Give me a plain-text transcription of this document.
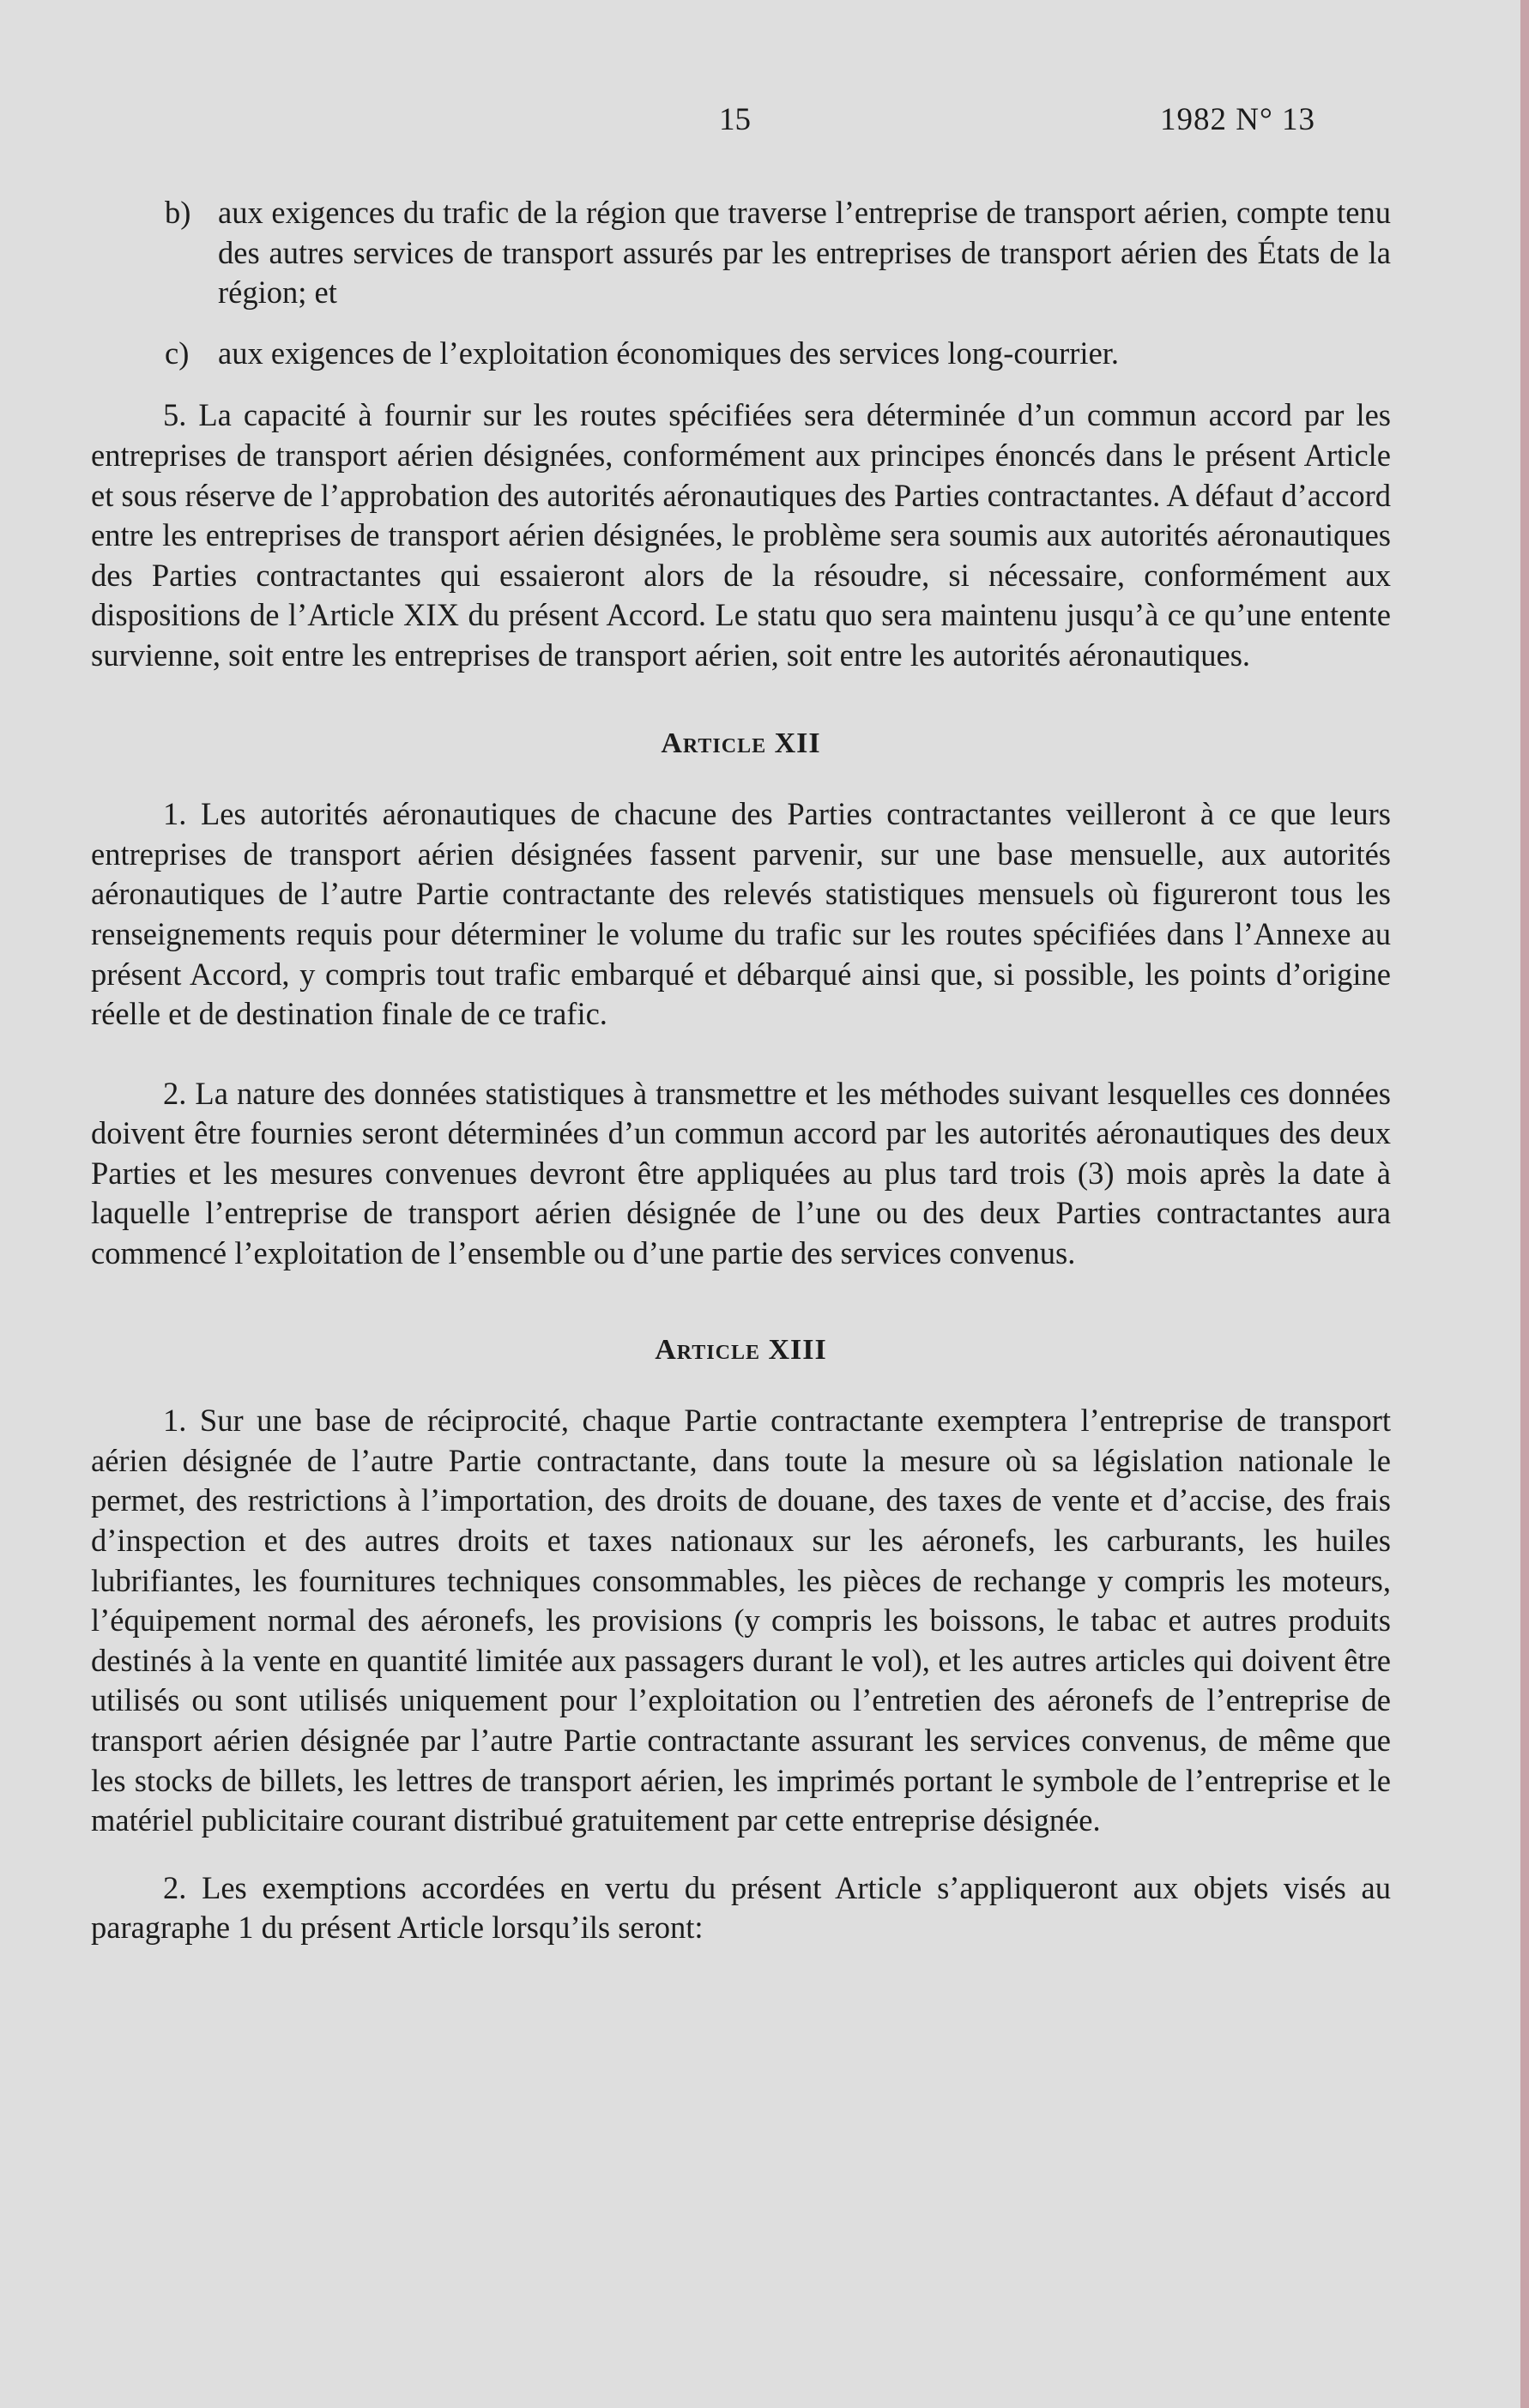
15	1982 N° 13
b) aux exigences du trafic de la région que traverse l’entreprise de transport aérien, compte tenu des autres services de transport assurés par les entreprises de transport aérien des États de la région; et
c) aux exigences de l’exploitation économiques des services long-courrier.

5. La capacité à fournir sur les routes spécifiées sera déterminée d’un commun accord par les entreprises de transport aérien désignées, conformément aux principes énoncés dans le présent Article et sous réserve de l’approbation des autorités aéronautiques des Parties contractantes. A défaut d’accord entre les entreprises de transport aérien désignées, le problème sera soumis aux autorités aéronautiques des Parties contractantes qui essaieront alors de la résoudre, si nécessaire, conformément aux dispositions de l’Article XIX du présent Accord. Le statu quo sera maintenu jusqu’à ce qu’une entente survienne, soit entre les entreprises de transport aérien, soit entre les autorités aéronautiques.

Article XII

1. Les autorités aéronautiques de chacune des Parties contractantes veilleront à ce que leurs entreprises de transport aérien désignées fassent parvenir, sur une base mensuelle, aux autorités aéronautiques de l’autre Partie contractante des relevés statistiques mensuels où figureront tous les renseignements requis pour déterminer le volume du trafic sur les routes spécifiées dans l’Annexe au présent Accord, y compris tout trafic embarqué et débarqué ainsi que, si possible, les points d’origine réelle et de destination finale de ce trafic.

2. La nature des données statistiques à transmettre et les méthodes suivant lesquelles ces données doivent être fournies seront déterminées d’un commun accord par les autorités aéronautiques des deux Parties et les mesures convenues devront être appliquées au plus tard trois (3) mois après la date à laquelle l’entreprise de transport aérien désignée de l’une ou des deux Parties contractantes aura commencé l’exploitation de l’ensemble ou d’une partie des services convenus.

Article XIII

1. Sur une base de réciprocité, chaque Partie contractante exemptera l’entreprise de transport aérien désignée de l’autre Partie contractante, dans toute la mesure où sa législation nationale le permet, des restrictions à l’importation, des droits de douane, des taxes de vente et d’accise, des frais d’inspection et des autres droits et taxes nationaux sur les aéronefs, les carburants, les huiles lubrifiantes, les fournitures techniques consommables, les pièces de rechange y compris les moteurs, l’équipement normal des aéronefs, les provisions (y compris les boissons, le tabac et autres produits destinés à la vente en quantité limitée aux passagers durant le vol), et les autres articles qui doivent être utilisés ou sont utilisés uniquement pour l’exploitation ou l’entretien des aéronefs de l’entreprise de transport aérien désignée par l’autre Partie contractante assurant les services convenus, de même que les stocks de billets, les lettres de transport aérien, les imprimés portant le symbole de l’entreprise et le matériel publicitaire courant distribué gratuitement par cette entreprise désignée.

2. Les exemptions accordées en vertu du présent Article s’appliqueront aux objets visés au paragraphe 1 du présent Article lorsqu’ils seront:
